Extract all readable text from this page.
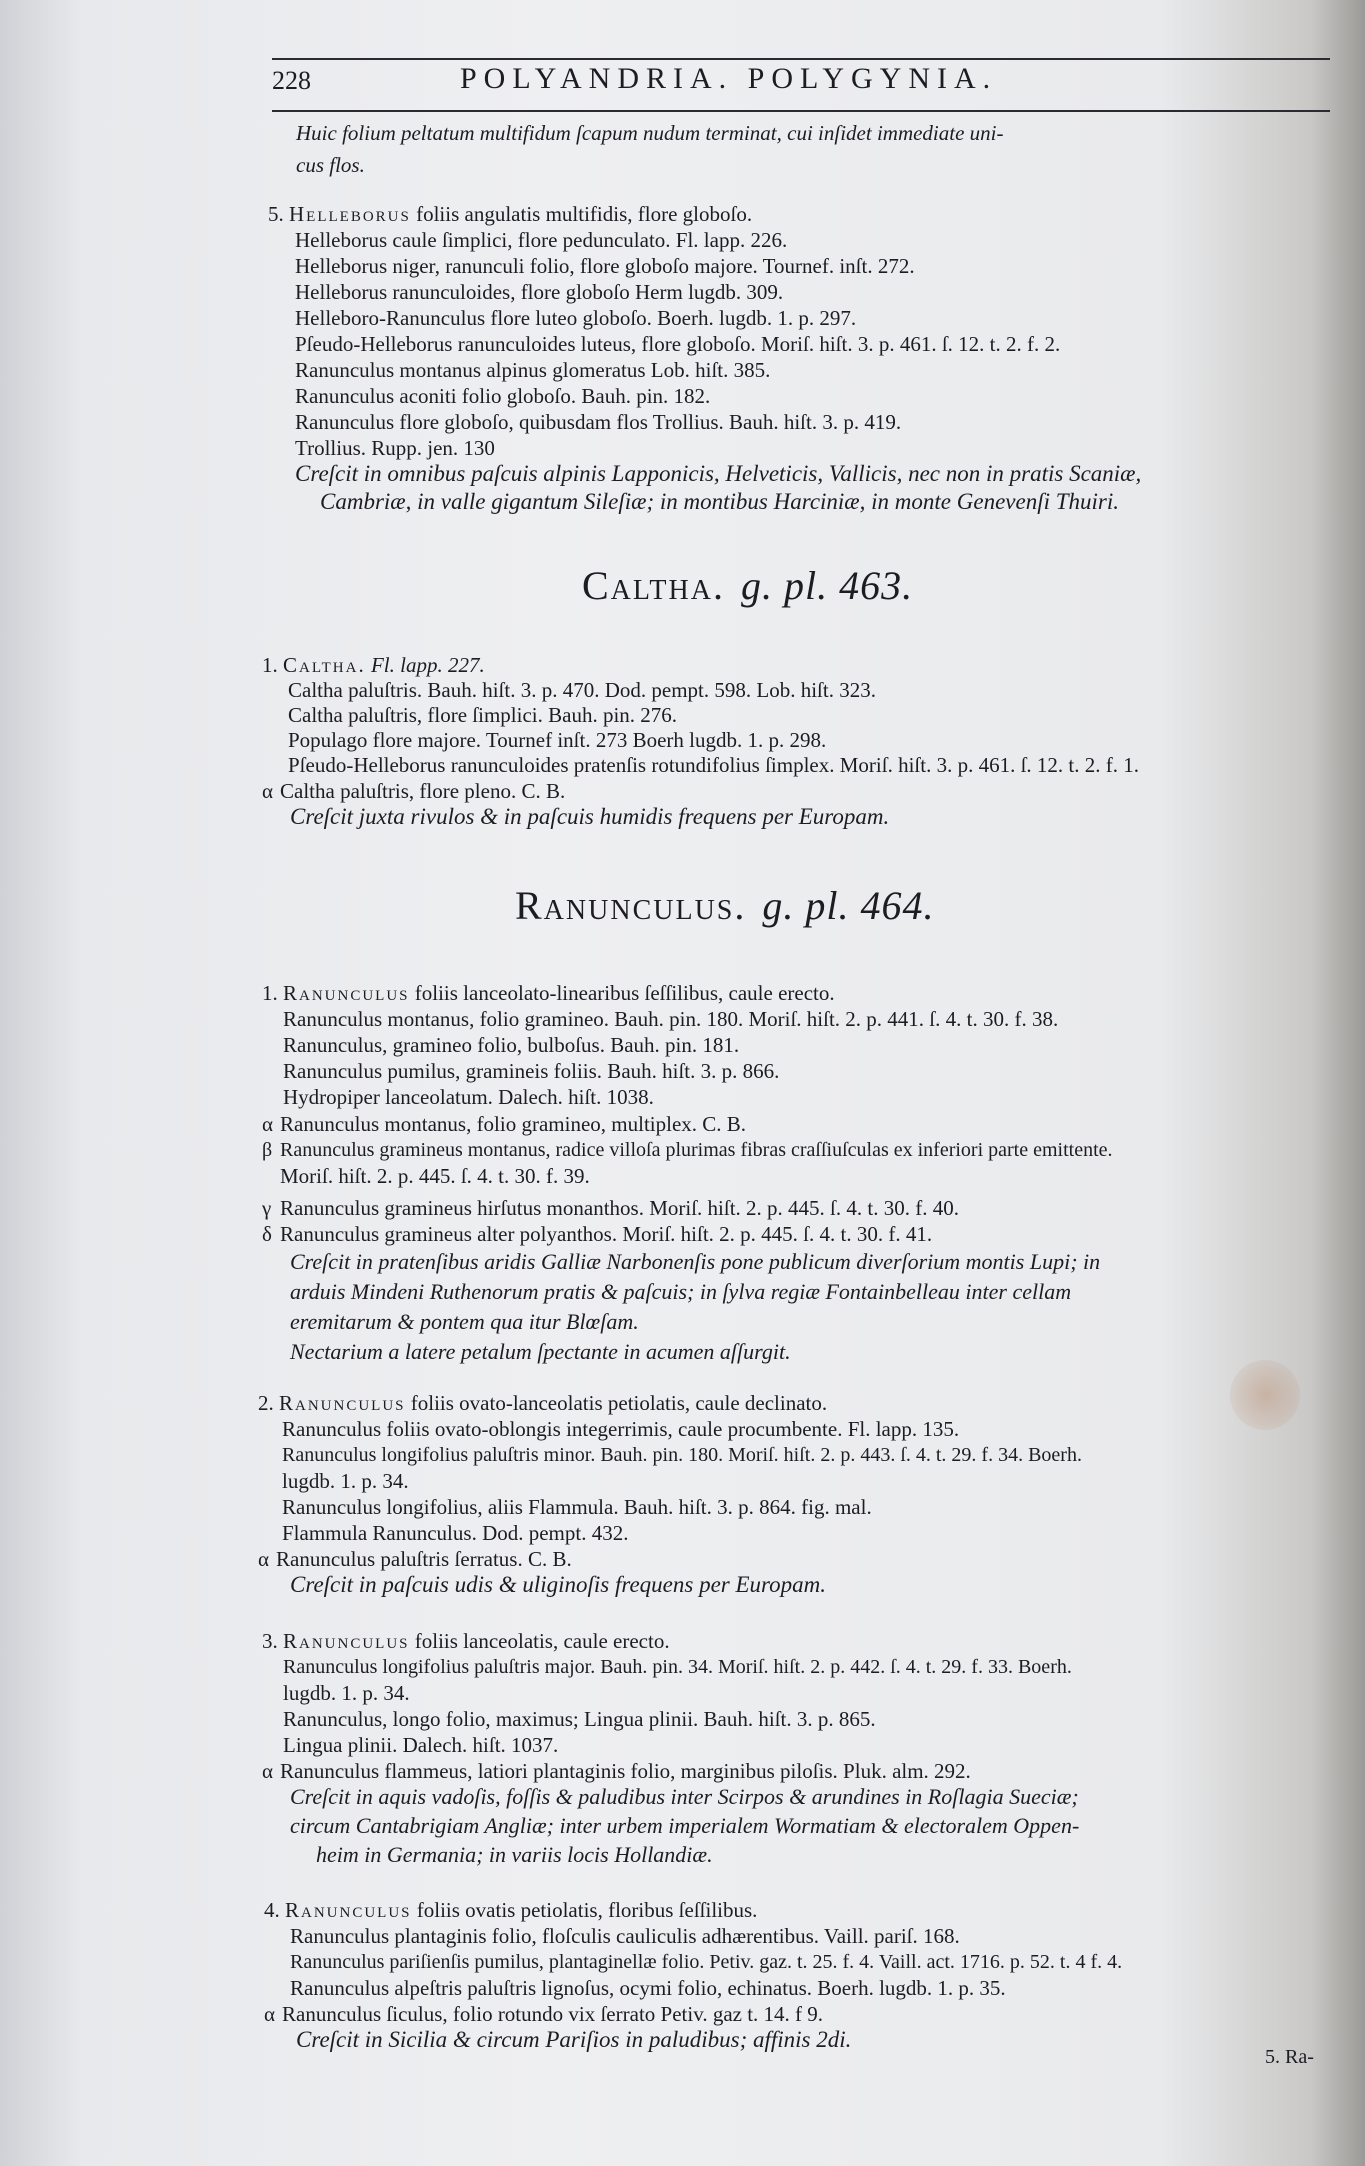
228	POLYANDRIA. POLYGYNIA.
Huic folium peltatum multifidum ſcapum nudum terminat, cui inſidet immediate uni-
cus flos.
5. Helleborus foliis angulatis multifidis, flore globoſo.
Helleborus caule ſimplici, flore pedunculato. Fl. lapp. 226.
Helleborus niger, ranunculi folio, flore globoſo majore. Tournef. inſt. 272.
Helleborus ranunculoides, flore globoſo Herm lugdb. 309.
Helleboro-Ranunculus flore luteo globoſo. Boerh. lugdb. 1. p. 297.
Pſeudo-Helleborus ranunculoides luteus, flore globoſo. Moriſ. hiſt. 3. p. 461. ſ. 12. t. 2. f. 2.
Ranunculus montanus alpinus glomeratus Lob. hiſt. 385.
Ranunculus aconiti folio globoſo. Bauh. pin. 182.
Ranunculus flore globoſo, quibusdam flos Trollius. Bauh. hiſt. 3. p. 419.
Trollius. Rupp. jen. 130
Creſcit in omnibus paſcuis alpinis Lapponicis, Helveticis, Vallicis, nec non in pratis Scaniæ,
Cambriæ, in valle gigantum Sileſiæ; in montibus Harciniæ, in monte Genevenſi Thuiri.
Caltha. g. pl. 463.
1. Caltha. Fl. lapp. 227.
Caltha paluſtris. Bauh. hiſt. 3. p. 470. Dod. pempt. 598. Lob. hiſt. 323.
Caltha paluſtris, flore ſimplici. Bauh. pin. 276.
Populago flore majore. Tournef inſt. 273 Boerh lugdb. 1. p. 298.
Pſeudo-Helleborus ranunculoides pratenſis rotundifolius ſimplex. Moriſ. hiſt. 3. p. 461. ſ. 12. t. 2. f. 1.
α Caltha paluſtris, flore pleno. C. B.
Creſcit juxta rivulos & in paſcuis humidis frequens per Europam.
Ranunculus. g. pl. 464.
1. Ranunculus foliis lanceolato-linearibus ſeſſilibus, caule erecto.
Ranunculus montanus, folio gramineo. Bauh. pin. 180. Moriſ. hiſt. 2. p. 441. ſ. 4. t. 30. f. 38.
Ranunculus, gramineo folio, bulboſus. Bauh. pin. 181.
Ranunculus pumilus, gramineis foliis. Bauh. hiſt. 3. p. 866.
Hydropiper lanceolatum. Dalech. hiſt. 1038.
α Ranunculus montanus, folio gramineo, multiplex. C. B.
β Ranunculus gramineus montanus, radice villoſa plurimas fibras craſſiuſculas ex inferiori parte emittente.
Moriſ. hiſt. 2. p. 445. ſ. 4. t. 30. f. 39.
γ Ranunculus gramineus hirſutus monanthos. Moriſ. hiſt. 2. p. 445. ſ. 4. t. 30. f. 40.
δ Ranunculus gramineus alter polyanthos. Moriſ. hiſt. 2. p. 445. ſ. 4. t. 30. f. 41.
Creſcit in pratenſibus aridis Galliæ Narbonenſis pone publicum diverſorium montis Lupi; in
arduis Mindeni Ruthenorum pratis & paſcuis; in ſylva regiæ Fontainbelleau inter cellam
eremitarum & pontem qua itur Blœſam.
Nectarium a latere petalum ſpectante in acumen aſſurgit.
2. Ranunculus foliis ovato-lanceolatis petiolatis, caule declinato.
Ranunculus foliis ovato-oblongis integerrimis, caule procumbente. Fl. lapp. 135.
Ranunculus longifolius paluſtris minor. Bauh. pin. 180. Moriſ. hiſt. 2. p. 443. ſ. 4. t. 29. f. 34. Boerh.
lugdb. 1. p. 34.
Ranunculus longifolius, aliis Flammula. Bauh. hiſt. 3. p. 864. fig. mal.
Flammula Ranunculus. Dod. pempt. 432.
α Ranunculus paluſtris ſerratus. C. B.
Creſcit in paſcuis udis & uliginoſis frequens per Europam.
3. Ranunculus foliis lanceolatis, caule erecto.
Ranunculus longifolius paluſtris major. Bauh. pin. 34. Moriſ. hiſt. 2. p. 442. ſ. 4. t. 29. f. 33. Boerh.
lugdb. 1. p. 34.
Ranunculus, longo folio, maximus; Lingua plinii. Bauh. hiſt. 3. p. 865.
Lingua plinii. Dalech. hiſt. 1037.
α Ranunculus flammeus, latiori plantaginis folio, marginibus piloſis. Pluk. alm. 292.
Creſcit in aquis vadoſis, foſſis & paludibus inter Scirpos & arundines in Roſlagia Sueciæ;
circum Cantabrigiam Angliæ; inter urbem imperialem Wormatiam & electoralem Oppen-
heim in Germania; in variis locis Hollandiæ.
4. Ranunculus foliis ovatis petiolatis, floribus ſeſſilibus.
Ranunculus plantaginis folio, floſculis cauliculis adhærentibus. Vaill. pariſ. 168.
Ranunculus pariſienſis pumilus, plantaginellæ folio. Petiv. gaz. t. 25. f. 4. Vaill. act. 1716. p. 52. t. 4 f. 4.
Ranunculus alpeſtris paluſtris lignoſus, ocymi folio, echinatus. Boerh. lugdb. 1. p. 35.
α Ranunculus ſiculus, folio rotundo vix ſerrato Petiv. gaz t. 14. f 9.
Creſcit in Sicilia & circum Pariſios in paludibus; affinis 2di.
5. Ra-
